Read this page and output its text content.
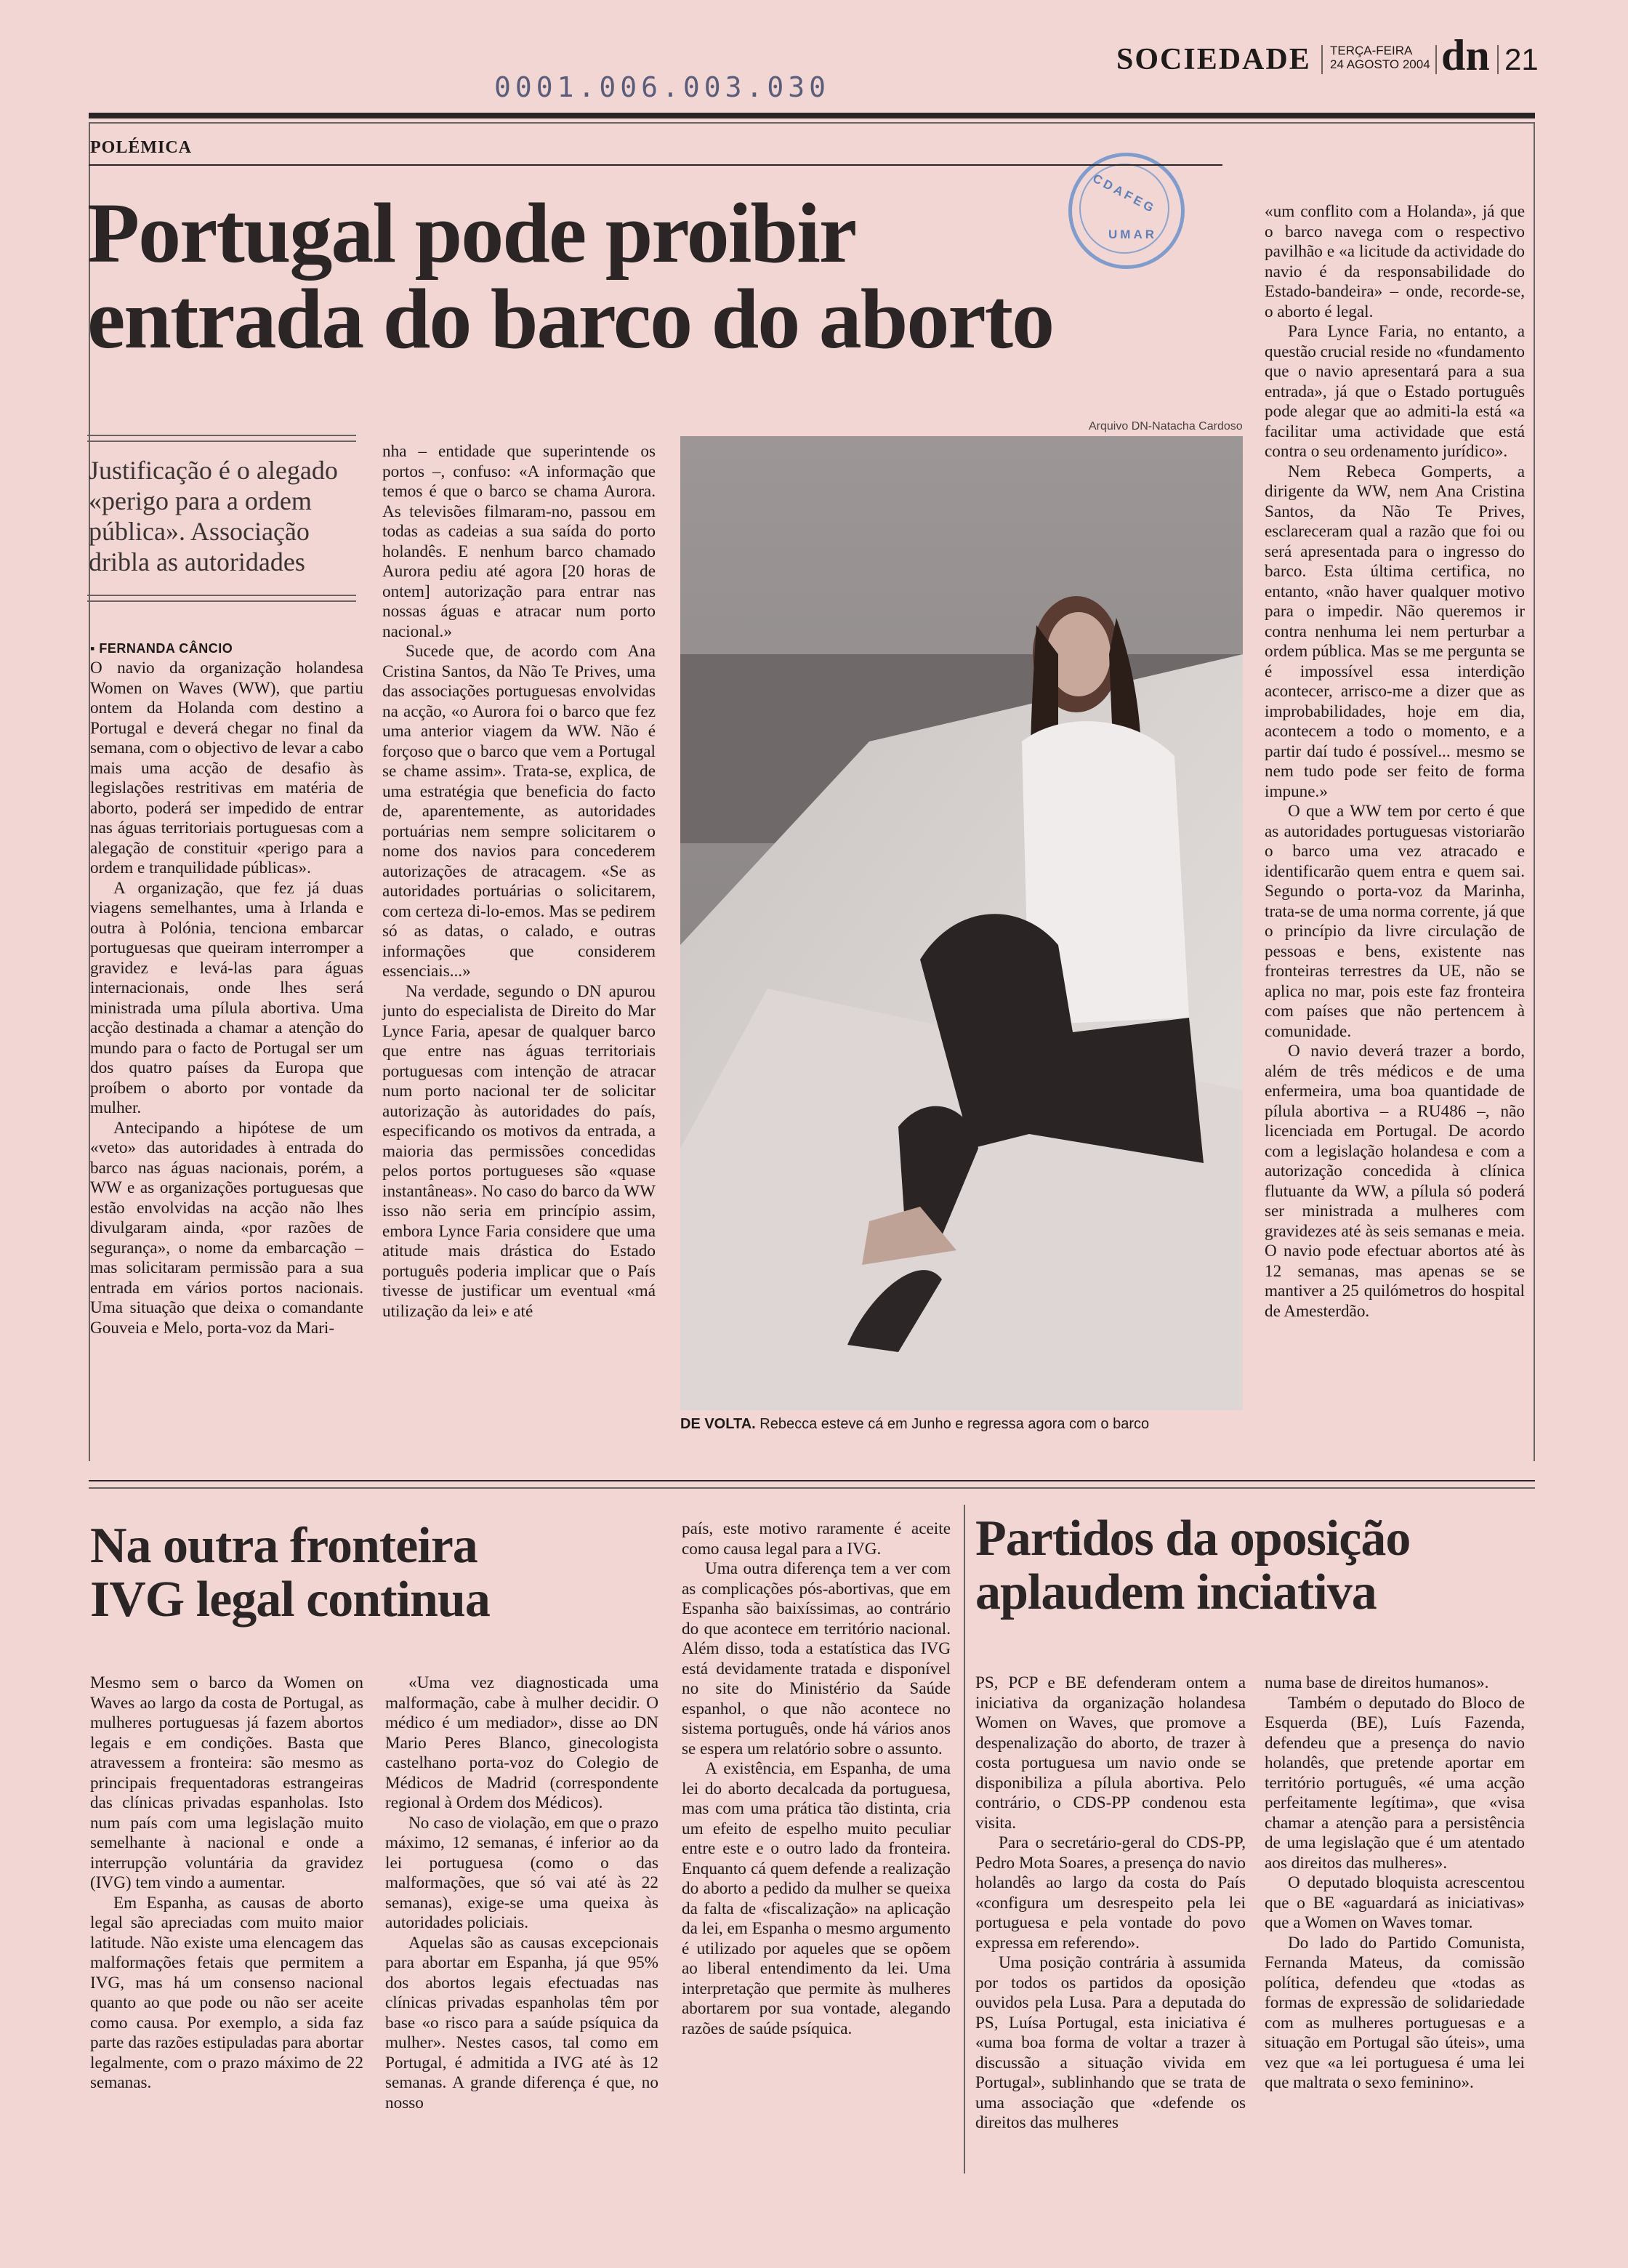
0001.006.003.030
SOCIEDADE TERÇA-FEIRA
24 AGOSTO 2004 dn 21
CDAFEG
UMAR
POLÉMICA
Portugal pode proibir
entrada do barco do aborto
Justificação é o alegado «perigo para a ordem pública». Associação dribla as autoridades
▪ FERNANDA CÂNCIO

O navio da organização holandesa Women on Waves (WW), que partiu ontem da Holanda com destino a Portugal e deverá chegar no final da semana, com o objectivo de levar a cabo mais uma acção de desafio às legislações restritivas em matéria de aborto, poderá ser impedido de entrar nas águas territoriais portuguesas com a alegação de constituir «perigo para a ordem e tranquilidade públicas».

A organização, que fez já duas viagens semelhantes, uma à Irlanda e outra à Polónia, tenciona embarcar portuguesas que queiram interromper a gravidez e levá-las para águas internacionais, onde lhes será ministrada uma pílula abortiva. Uma acção destinada a chamar a atenção do mundo para o facto de Portugal ser um dos quatro países da Europa que proíbem o aborto por vontade da mulher.

Antecipando a hipótese de um «veto» das autoridades à entrada do barco nas águas nacionais, porém, a WW e as organizações portuguesas que estão envolvidas na acção não lhes divulgaram ainda, «por razões de segurança», o nome da embarcação – mas solicitaram permissão para a sua entrada em vários portos nacionais. Uma situação que deixa o comandante Gouveia e Melo, porta-voz da Mari-

nha – entidade que superintende os portos –, confuso: «A informação que temos é que o barco se chama Aurora. As televisões filmaram-no, passou em todas as cadeias a sua saída do porto holandês. E nenhum barco chamado Aurora pediu até agora [20 horas de ontem] autorização para entrar nas nossas águas e atracar num porto nacional.»

Sucede que, de acordo com Ana Cristina Santos, da Não Te Prives, uma das associações portuguesas envolvidas na acção, «o Aurora foi o barco que fez uma anterior viagem da WW. Não é forçoso que o barco que vem a Portugal se chame assim». Trata-se, explica, de uma estratégia que beneficia do facto de, aparentemente, as autoridades portuárias nem sempre solicitarem o nome dos navios para concederem autorizações de atracagem. «Se as autoridades portuárias o solicitarem, com certeza di-lo-emos. Mas se pedirem só as datas, o calado, e outras informações que considerem essenciais...»

Na verdade, segundo o DN apurou junto do especialista de Direito do Mar Lynce Faria, apesar de qualquer barco que entre nas águas territoriais portuguesas com intenção de atracar num porto nacional ter de solicitar autorização às autoridades do país, especificando os motivos da entrada, a maioria das permissões concedidas pelos portos portugueses são «quase instantâneas». No caso do barco da WW isso não seria em princípio assim, embora Lynce Faria considere que uma atitude mais drástica do Estado português poderia implicar que o País tivesse de justificar um eventual «má utilização da lei» e até

Arquivo DN-Natacha Cardoso
DE VOLTA. Rebecca esteve cá em Junho e regressa agora com o barco

«um conflito com a Holanda», já que o barco navega com o respectivo pavilhão e «a licitude da actividade do navio é da responsabilidade do Estado-bandeira» – onde, recorde-se, o aborto é legal.

Para Lynce Faria, no entanto, a questão crucial reside no «fundamento que o navio apresentará para a sua entrada», já que o Estado português pode alegar que ao admiti-la está «a facilitar uma actividade que está contra o seu ordenamento jurídico».

Nem Rebeca Gomperts, a dirigente da WW, nem Ana Cristina Santos, da Não Te Prives, esclareceram qual a razão que foi ou será apresentada para o ingresso do barco. Esta última certifica, no entanto, «não haver qualquer motivo para o impedir. Não queremos ir contra nenhuma lei nem perturbar a ordem pública. Mas se me pergunta se é impossível essa interdição acontecer, arrisco-me a dizer que as improbabilidades, hoje em dia, acontecem a todo o momento, e a partir daí tudo é possível... mesmo se nem tudo pode ser feito de forma impune.»

O que a WW tem por certo é que as autoridades portuguesas vistoriarão o barco uma vez atracado e identificarão quem entra e quem sai. Segundo o porta-voz da Marinha, trata-se de uma norma corrente, já que o princípio da livre circulação de pessoas e bens, existente nas fronteiras terrestres da UE, não se aplica no mar, pois este faz fronteira com países que não pertencem à comunidade.

O navio deverá trazer a bordo, além de três médicos e de uma enfermeira, uma boa quantidade de pílula abortiva – a RU486 –, não licenciada em Portugal. De acordo com a legislação holandesa e com a autorização concedida à clínica flutuante da WW, a pílula só poderá ser ministrada a mulheres com gravidezes até às seis semanas e meia. O navio pode efectuar abortos até às 12 semanas, mas apenas se se mantiver a 25 quilómetros do hospital de Amesterdão.

Na outra fronteira
IVG legal continua

Mesmo sem o barco da Women on Waves ao largo da costa de Portugal, as mulheres portuguesas já fazem abortos legais e em condições. Basta que atravessem a fronteira: são mesmo as principais frequentadoras estrangeiras das clínicas privadas espanholas. Isto num país com uma legislação muito semelhante à nacional e onde a interrupção voluntária da gravidez (IVG) tem vindo a aumentar.

Em Espanha, as causas de aborto legal são apreciadas com muito maior latitude. Não existe uma elencagem das malformações fetais que permitem a IVG, mas há um consenso nacional quanto ao que pode ou não ser aceite como causa. Por exemplo, a sida faz parte das razões estipuladas para abortar legalmente, com o prazo máximo de 22 semanas.

«Uma vez diagnosticada uma malformação, cabe à mulher decidir. O médico é um mediador», disse ao DN Mario Peres Blanco, ginecologista castelhano porta-voz do Colegio de Médicos de Madrid (correspondente regional à Ordem dos Médicos).

No caso de violação, em que o prazo máximo, 12 semanas, é inferior ao da lei portuguesa (como o das malformações, que só vai até às 22 semanas), exige-se uma queixa às autoridades policiais.

Aquelas são as causas excepcionais para abortar em Espanha, já que 95% dos abortos legais efectuadas nas clínicas privadas espanholas têm por base «o risco para a saúde psíquica da mulher». Nestes casos, tal como em Portugal, é admitida a IVG até às 12 semanas. A grande diferença é que, no nosso

país, este motivo raramente é aceite como causa legal para a IVG.

Uma outra diferença tem a ver com as complicações pós-abortivas, que em Espanha são baixíssimas, ao contrário do que acontece em território nacional. Além disso, toda a estatística das IVG está devidamente tratada e disponível no site do Ministério da Saúde espanhol, o que não acontece no sistema português, onde há vários anos se espera um relatório sobre o assunto.

A existência, em Espanha, de uma lei do aborto decalcada da portuguesa, mas com uma prática tão distinta, cria um efeito de espelho muito peculiar entre este e o outro lado da fronteira. Enquanto cá quem defende a realização do aborto a pedido da mulher se queixa da falta de «fiscalização» na aplicação da lei, em Espanha o mesmo argumento é utilizado por aqueles que se opõem ao liberal entendimento da lei. Uma interpretação que permite às mulheres abortarem por sua vontade, alegando razões de saúde psíquica.

Partidos da oposição
aplaudem inciativa

PS, PCP e BE defenderam ontem a iniciativa da organização holandesa Women on Waves, que promove a despenalização do aborto, de trazer à costa portuguesa um navio onde se disponibiliza a pílula abortiva. Pelo contrário, o CDS-PP condenou esta visita.

Para o secretário-geral do CDS-PP, Pedro Mota Soares, a presença do navio holandês ao largo da costa do País «configura um desrespeito pela lei portuguesa e pela vontade do povo expressa em referendo».

Uma posição contrária à assumida por todos os partidos da oposição ouvidos pela Lusa. Para a deputada do PS, Luísa Portugal, esta iniciativa é «uma boa forma de voltar a trazer à discussão a situação vivida em Portugal», sublinhando que se trata de uma associação que «defende os direitos das mulheres

numa base de direitos humanos».

Também o deputado do Bloco de Esquerda (BE), Luís Fazenda, defendeu que a presença do navio holandês, que pretende aportar em território português, «é uma acção perfeitamente legítima», que «visa chamar a atenção para a persistência de uma legislação que é um atentado aos direitos das mulheres».

O deputado bloquista acrescentou que o BE «aguardará as iniciativas» que a Women on Waves tomar.

Do lado do Partido Comunista, Fernanda Mateus, da comissão política, defendeu que «todas as formas de expressão de solidariedade com as mulheres portuguesas e a situação em Portugal são úteis», uma vez que «a lei portuguesa é uma lei que maltrata o sexo feminino».
